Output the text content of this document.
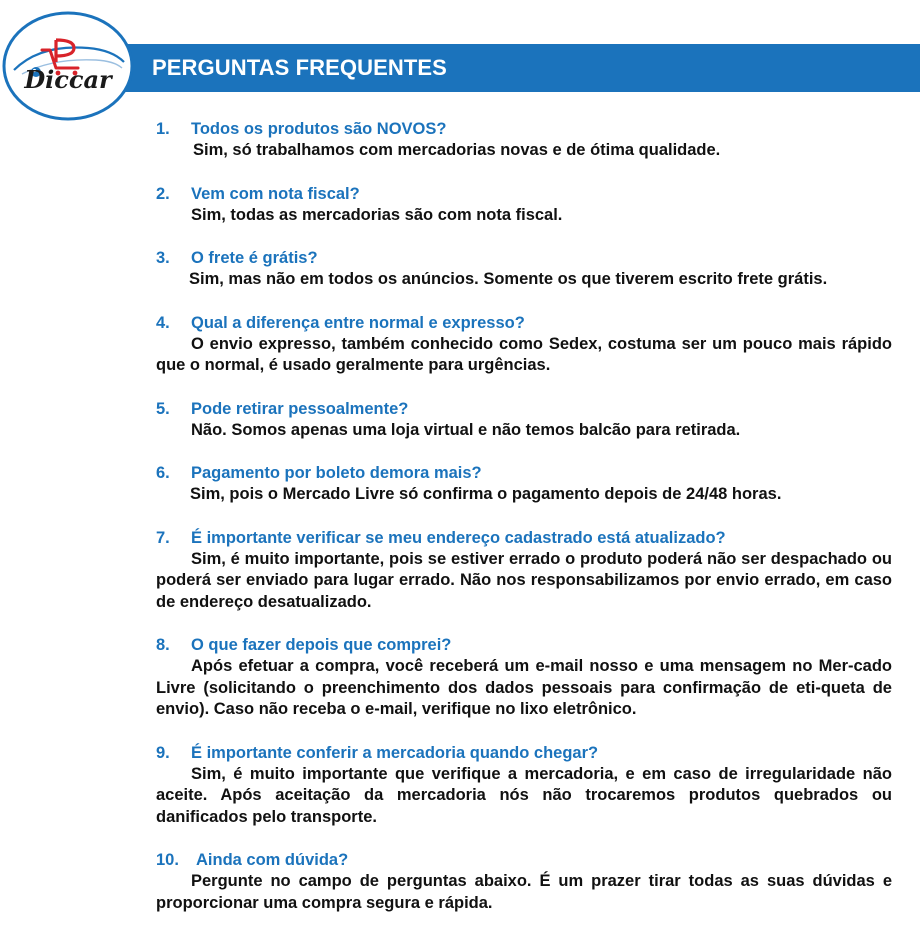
PERGUNTAS FREQUENTES
Diccar
1. Todos os produtos são NOVOS?

Sim, só trabalhamos com mercadorias novas e de ótima qualidade.

2. Vem com nota fiscal?

Sim, todas as mercadorias são com nota fiscal.

3. O frete é grátis?

Sim, mas não em todos os anúncios. Somente os que tiverem escrito frete grátis.

4. Qual a diferença entre normal e expresso?

O envio expresso, também conhecido como Sedex, costuma ser um pouco mais rápido que o normal, é usado geralmente para urgências.

5. Pode retirar pessoalmente?

Não. Somos apenas uma loja virtual e não temos balcão para retirada.

6. Pagamento por boleto demora mais?

Sim, pois o Mercado Livre só confirma o pagamento depois de 24/48 horas.

7. É importante verificar se meu endereço cadastrado está atualizado?

Sim, é muito importante, pois se estiver errado o produto poderá não ser despachado ou poderá ser enviado para lugar errado. Não nos responsabilizamos por envio errado, em caso de endereço desatualizado.

8. O que fazer depois que comprei?

Após efetuar a compra, você receberá um e-mail nosso e uma mensagem no Mer-cado Livre (solicitando o preenchimento dos dados pessoais para confirmação de eti-queta de envio). Caso não receba o e-mail, verifique no lixo eletrônico.

9. É importante conferir a mercadoria quando chegar?

Sim, é muito importante que verifique a mercadoria, e em caso de irregularidade não aceite. Após aceitação da mercadoria nós não trocaremos produtos quebrados ou danificados pelo transporte.

10. Ainda com dúvida?

Pergunte no campo de perguntas abaixo. É um prazer tirar todas as suas dúvidas e proporcionar uma compra segura e rápida.
